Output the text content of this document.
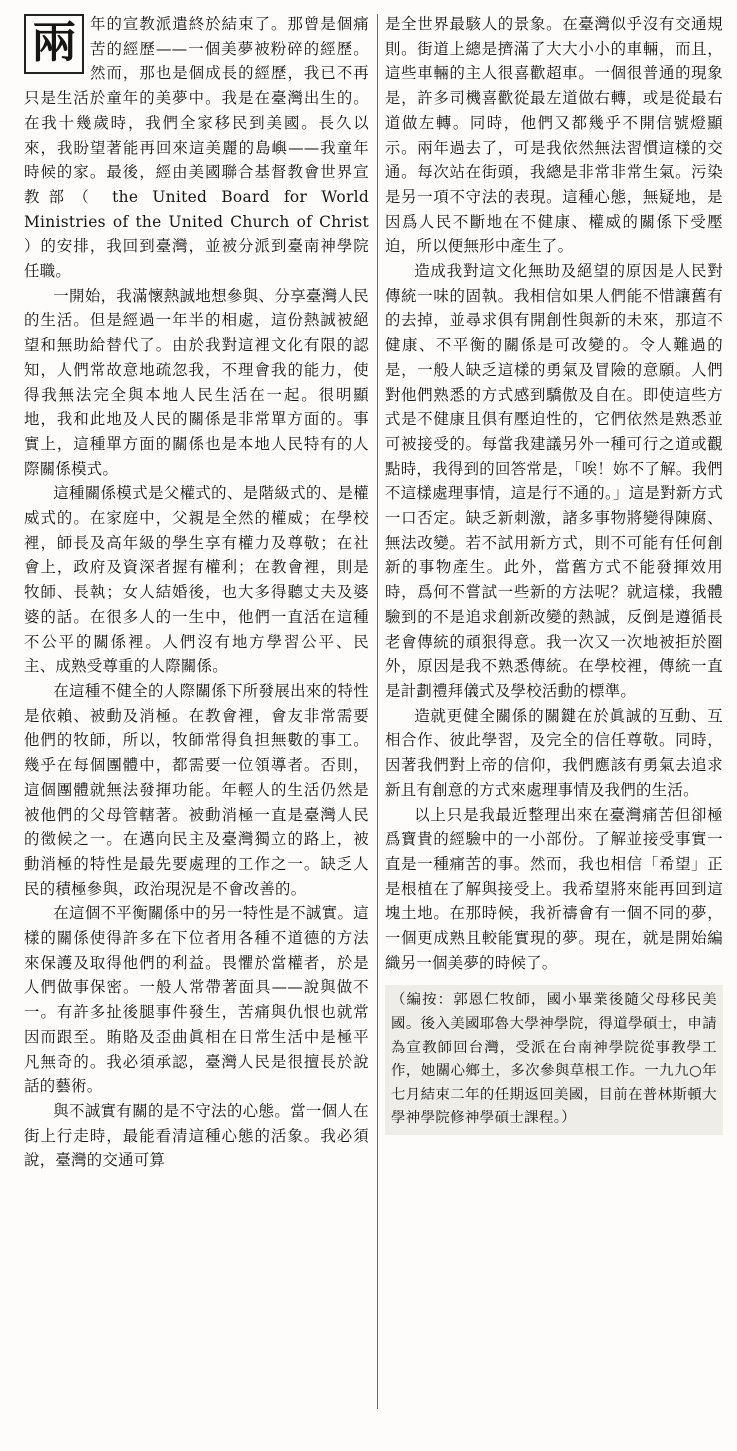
兩 年的宣教派遣終於結束了。那曾是個痛苦的經歷——一個美夢被粉碎的經歷。然而，那也是個成長的經歷，我已不再只是生活於童年的美夢中。我是在臺灣出生的。在我十幾歲時，我們全家移民到美國。長久以來，我盼望著能再回來這美麗的島嶼——我童年時候的家。最後，經由美國聯合基督教會世界宣教部（ the United Board for World Ministries of the United Church of Christ ）的安排，我回到臺灣，並被分派到臺南神學院任職。

一開始，我滿懷熱誠地想參與、分享臺灣人民的生活。但是經過一年半的相處，這份熱誠被絕望和無助給替代了。由於我對這裡文化有限的認知，人們常故意地疏忽我，不理會我的能力，使得我無法完全與本地人民生活在一起。很明顯地，我和此地及人民的關係是非常單方面的。事實上，這種單方面的關係也是本地人民特有的人際關係模式。

這種關係模式是父權式的、是階級式的、是權威式的。在家庭中，父親是全然的權威；在學校裡，師長及高年級的學生享有權力及尊敬；在社會上，政府及資深者握有權利；在教會裡，則是牧師、長執；女人結婚後，也大多得聽丈夫及婆婆的話。在很多人的一生中，他們一直活在這種不公平的關係裡。人們沒有地方學習公平、民主、成熟受尊重的人際關係。

在這種不健全的人際關係下所發展出來的特性是依賴、被動及消極。在教會裡，會友非常需要他們的牧師，所以，牧師常得負担無數的事工。幾乎在每個團體中，都需要一位領導者。否則，這個團體就無法發揮功能。年輕人的生活仍然是被他們的父母管轄著。被動消極一直是臺灣人民的徵候之一。在邁向民主及臺灣獨立的路上，被動消極的特性是最先要處理的工作之一。缺乏人民的積極參與，政治現況是不會改善的。

在這個不平衡關係中的另一特性是不誠實。這樣的關係使得許多在下位者用各種不道德的方法來保護及取得他們的利益。畏懼於當權者，於是人們做事保密。一般人常帶著面具——說與做不一。有許多扯後腿事件發生，苦痛與仇恨也就常因而跟至。賄賂及歪曲眞相在日常生活中是極平凡無奇的。我必須承認，臺灣人民是很擅長於說話的藝術。

與不誠實有關的是不守法的心態。當一個人在街上行走時，最能看清這種心態的活象。我必須說，臺灣的交通可算

是全世界最駭人的景象。在臺灣似乎沒有交通規則。街道上總是擠滿了大大小小的車輛，而且，這些車輛的主人很喜歡超車。一個很普通的現象是，許多司機喜歡從最左道做右轉，或是從最右道做左轉。同時，他們又都幾乎不開信號燈顯示。兩年過去了，可是我依然無法習慣這樣的交通。每次站在街頭，我總是非常非常生氣。污染是另一項不守法的表現。這種心態，無疑地，是因爲人民不斷地在不健康、權威的關係下受壓迫，所以便無形中產生了。

造成我對這文化無助及絕望的原因是人民對傳統一味的固執。我相信如果人們能不惜讓舊有的去掉，並尋求俱有開創性與新的未來，那這不健康、不平衡的關係是可改變的。令人難過的是，一般人缺乏這樣的勇氣及冒險的意願。人們對他們熟悉的方式感到驕傲及自在。即使這些方式是不健康且俱有壓迫性的，它們依然是熟悉並可被接受的。每當我建議另外一種可行之道或觀點時，我得到的回答常是，「唉！妳不了解。我們不這樣處理事情，這是行不通的。」這是對新方式一口否定。缺乏新刺激，諸多事物將變得陳腐、無法改變。若不試用新方式，則不可能有任何創新的事物產生。此外，當舊方式不能發揮效用時，爲何不嘗試一些新的方法呢？就這樣，我體驗到的不是追求創新改變的熱誠，反倒是遵循長老會傳統的頑狠得意。我一次又一次地被拒於圈外，原因是我不熟悉傳統。在學校裡，傳統一直是計劃禮拜儀式及學校活動的標準。

造就更健全關係的關鍵在於眞誠的互動、互相合作、彼此學習，及完全的信任尊敬。同時，因著我們對上帝的信仰，我們應該有勇氣去追求新且有創意的方式來處理事情及我們的生活。

以上只是我最近整理出來在臺灣痛苦但卻極爲寶貴的經驗中的一小部份。了解並接受事實一直是一種痛苦的事。然而，我也相信「希望」正是根植在了解與接受上。我希望將來能再回到這塊土地。在那時候，我祈禱會有一個不同的夢，一個更成熟且較能實現的夢。現在，就是開始編織另一個美夢的時候了。

（編按：郭恩仁牧師，國小畢業後隨父母移民美國。後入美國耶魯大學神學院，得道學碩士，申請為宣教師回台灣，受派在台南神學院從事教學工作，她關心鄉土，多次參與草根工作。一九九○年七月結束二年的任期返回美國，目前在普林斯頓大學神學院修神學碩士課程。）
